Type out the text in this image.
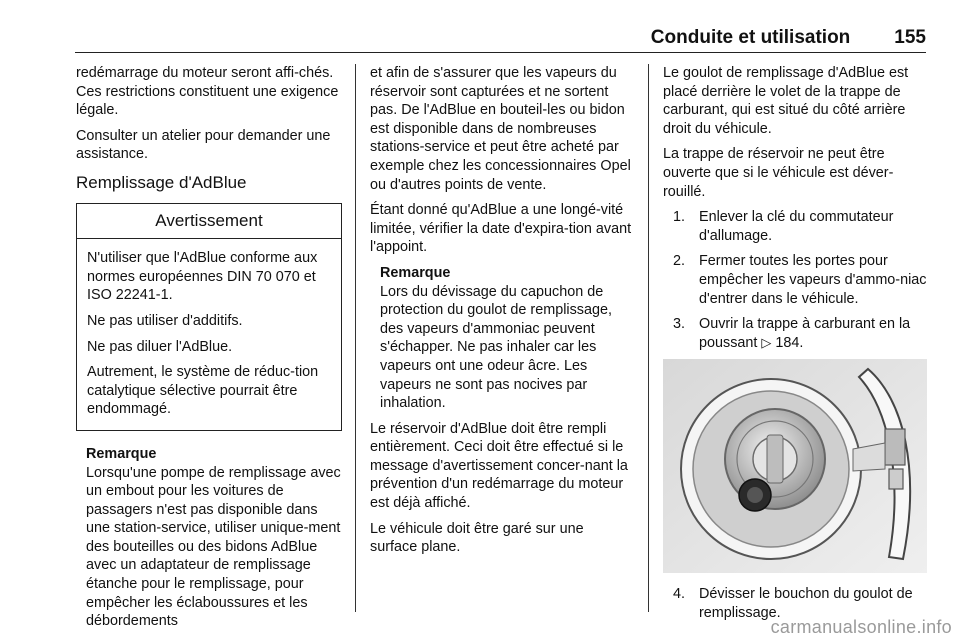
Conduite et utilisation 155

redémarrage du moteur seront affi-chés. Ces restrictions constituent une exigence légale.

Consulter un atelier pour demander une assistance.

Remplissage d'AdBlue
Avertissement

N'utiliser que l'AdBlue conforme aux normes européennes DIN 70 070 et ISO 22241-1.

Ne pas utiliser d'additifs.

Ne pas diluer l'AdBlue.

Autrement, le système de réduc-tion catalytique sélective pourrait être endommagé.

Remarque
Lorsqu'une pompe de remplissage avec un embout pour les voitures de passagers n'est pas disponible dans une station-service, utiliser unique-ment des bouteilles ou des bidons AdBlue avec un adaptateur de remplissage étanche pour le remplissage, pour empêcher les éclaboussures et les débordements

et afin de s'assurer que les vapeurs du réservoir sont capturées et ne sortent pas. De l'AdBlue en bouteil-les ou bidon est disponible dans de nombreuses stations-service et peut être acheté par exemple chez les concessionnaires Opel ou d'autres points de vente.

Étant donné qu'AdBlue a une longé-vité limitée, vérifier la date d'expira-tion avant l'appoint.

Remarque
Lors du dévissage du capuchon de protection du goulot de remplissage, des vapeurs d'ammoniac peuvent s'échapper. Ne pas inhaler car les vapeurs ont une odeur âcre. Les vapeurs ne sont pas nocives par inhalation.

Le réservoir d'AdBlue doit être rempli entièrement. Ceci doit être effectué si le message d'avertissement concer-nant la prévention d'un redémarrage du moteur est déjà affiché.

Le véhicule doit être garé sur une surface plane.

Le goulot de remplissage d'AdBlue est placé derrière le volet de la trappe de carburant, qui est situé du côté arrière droit du véhicule.

La trappe de réservoir ne peut être ouverte que si le véhicule est déver-rouillé.

1. Enlever la clé du commutateur d'allumage.
2. Fermer toutes les portes pour empêcher les vapeurs d'ammo-niac d'entrer dans le véhicule.
3. Ouvrir la trappe à carburant en la poussant ▷ 184.
4. Dévisser le bouchon du goulot de remplissage.
carmanualsonline.info
